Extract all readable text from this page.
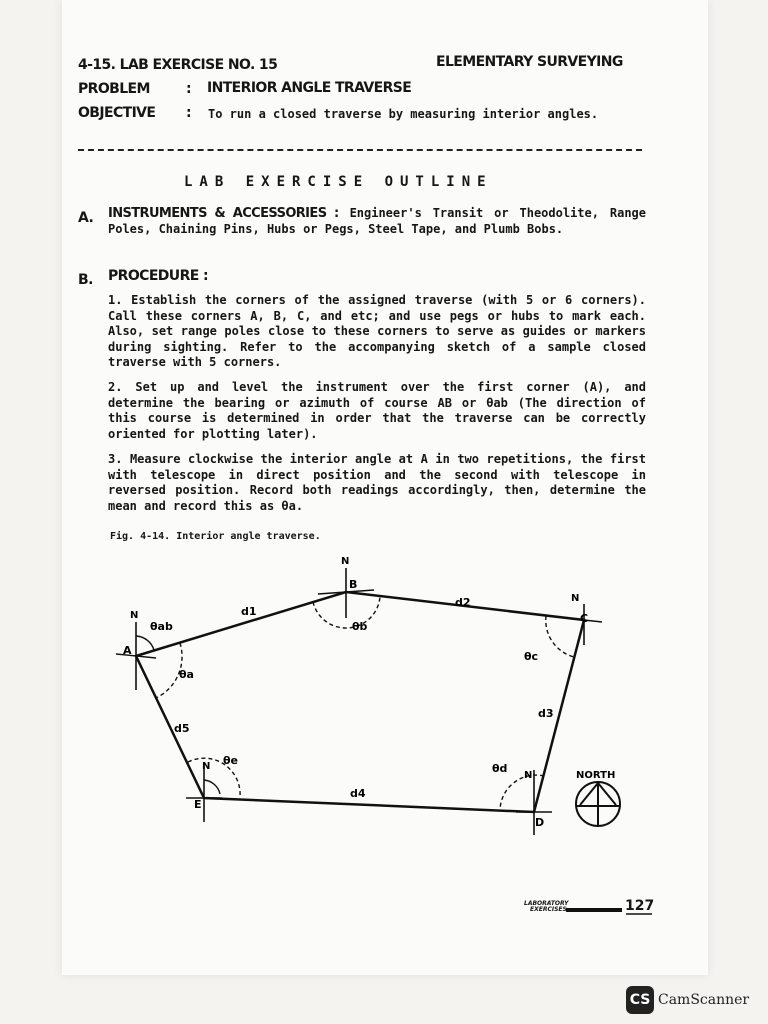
4-15. LAB EXERCISE NO. 15	ELEMENTARY SURVEYING
PROBLEM	: INTERIOR ANGLE TRAVERSE
OBJECTIVE : To run a closed traverse by measuring interior angles.
LAB EXERCISE OUTLINE
A. INSTRUMENTS & ACCESSORIES : Engineer's Transit or Theodolite, Range Poles, Chaining Pins, Hubs or Pegs, Steel Tape, and Plumb Bobs.
B. PROCEDURE :
1. Establish the corners of the assigned traverse (with 5 or 6 corners). Call these corners A, B, C, and etc; and use pegs or hubs to mark each. Also, set range poles close to these corners to serve as guides or markers during sighting. Refer to the accompanying sketch of a sample closed traverse with 5 corners.
2. Set up and level the instrument over the first corner (A), and determine the bearing or azimuth of course AB or θab (The direction of this course is determined in order that the traverse can be correctly oriented for plotting later).
3. Measure clockwise the interior angle at A in two repetitions, the first with telescope in direct position and the second with telescope in reversed position. Record both readings accordingly, then, determine the mean and record this as θa.
Fig. 4-14. Interior angle traverse.
A
B
C
D
E
N
N
N
N
N
d1
d2
d3
d4
d5
θab
θa
θb
θc
θd
θe
NORTH
LABORATORY
EXERCISES	127
CS CamScanner
